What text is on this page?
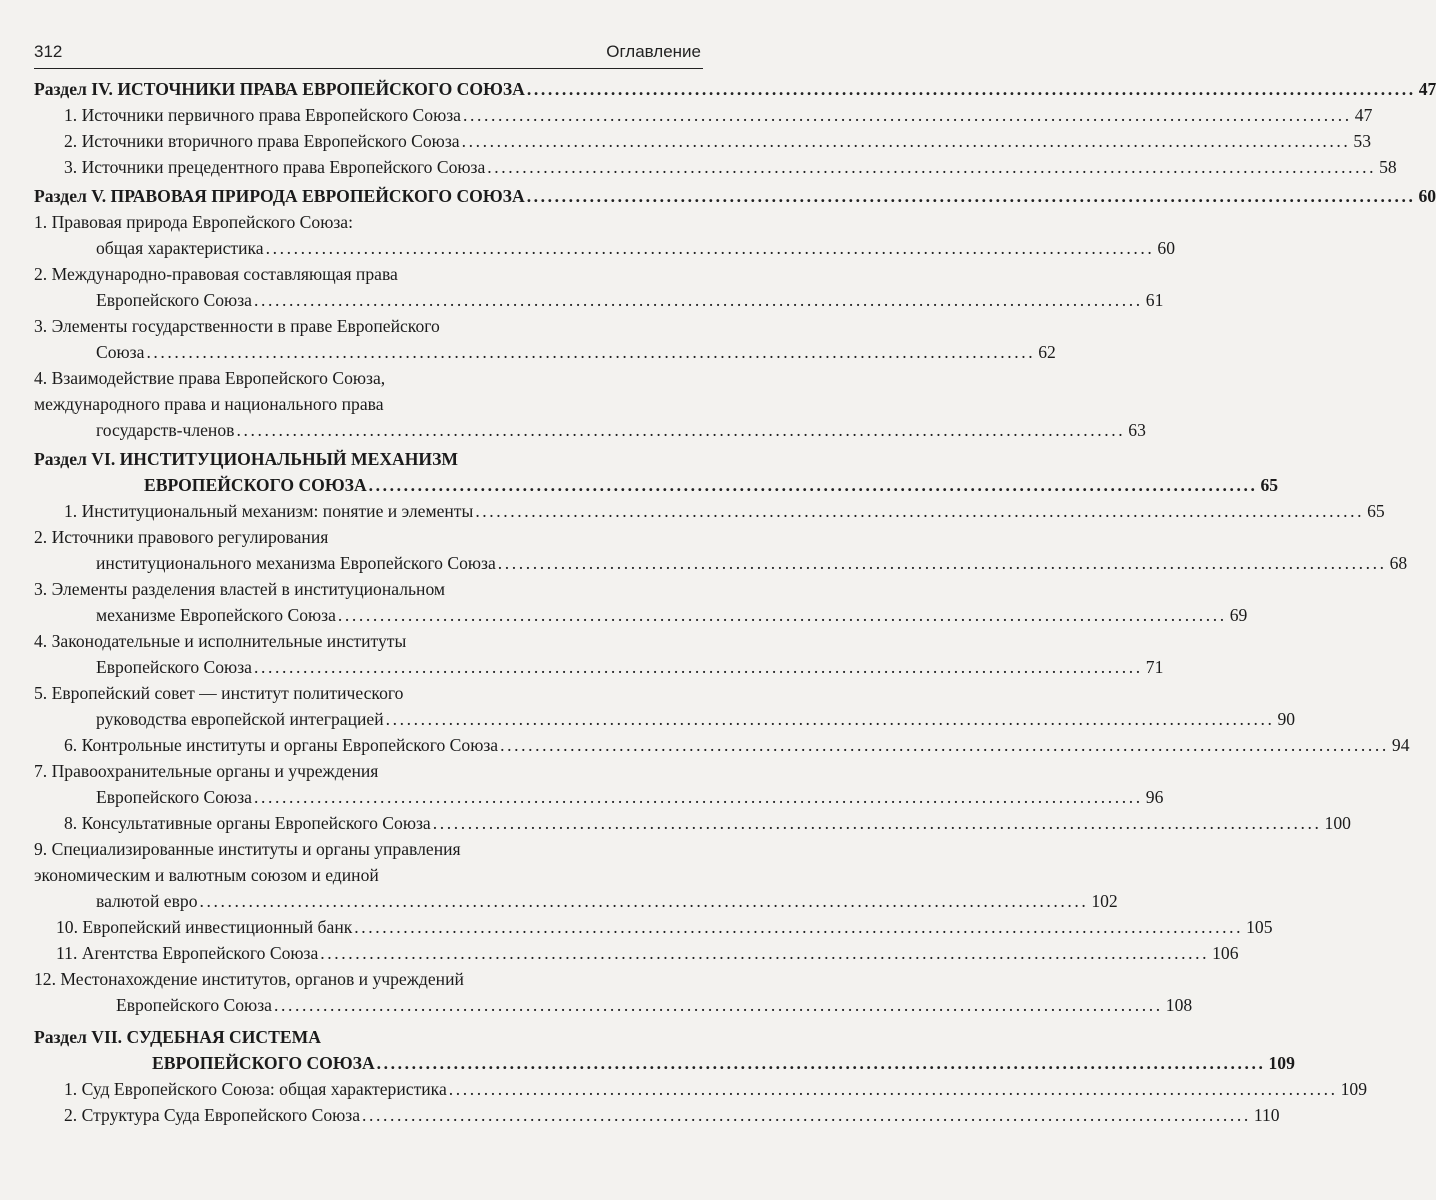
312	Оглавление
Раздел IV. ИСТОЧНИКИ ПРАВА ЕВРОПЕЙСКОГО СОЮЗА ............................................................................................................................... 47
1. Источники первичного права Европейского Союза ............................................................................................................................... 47
2. Источники вторичного права Европейского Союза ............................................................................................................................... 53
3. Источники прецедентного права Европейского Союза ............................................................................................................................... 58
Раздел V. ПРАВОВАЯ ПРИРОДА ЕВРОПЕЙСКОГО СОЮЗА ............................................................................................................................... 60
1. Правовая природа Европейского Союза:
общая характеристика ............................................................................................................................... 60
2. Международно-правовая составляющая права
Европейского Союза ............................................................................................................................... 61
3. Элементы государственности в праве Европейского
Союза ............................................................................................................................... 62
4. Взаимодействие права Европейского Союза,
международного права и национального права
государств-членов ............................................................................................................................... 63
Раздел VI. ИНСТИТУЦИОНАЛЬНЫЙ МЕХАНИЗМ
ЕВРОПЕЙСКОГО СОЮЗА ............................................................................................................................... 65
1. Институциональный механизм: понятие и элементы ............................................................................................................................... 65
2. Источники правового регулирования
институционального механизма Европейского Союза ............................................................................................................................... 68
3. Элементы разделения властей в институциональном
механизме Европейского Союза ............................................................................................................................... 69
4. Законодательные и исполнительные институты
Европейского Союза ............................................................................................................................... 71
5. Европейский совет — институт политического
руководства европейской интеграцией ............................................................................................................................... 90
6. Контрольные институты и органы Европейского Союза ............................................................................................................................... 94
7. Правоохранительные органы и учреждения
Европейского Союза ............................................................................................................................... 96
8. Консультативные органы Европейского Союза ............................................................................................................................... 100
9. Специализированные институты и органы управления
экономическим и валютным союзом и единой
валютой евро ............................................................................................................................... 102
10. Европейский инвестиционный банк ............................................................................................................................... 105
11. Агентства Европейского Союза ............................................................................................................................... 106
12. Местонахождение институтов, органов и учреждений
Европейского Союза ............................................................................................................................... 108
Раздел VII. СУДЕБНАЯ СИСТЕМА
ЕВРОПЕЙСКОГО СОЮЗА ............................................................................................................................... 109
1. Суд Европейского Союза: общая характеристика ............................................................................................................................... 109
2. Структура Суда Европейского Союза ............................................................................................................................... 110
